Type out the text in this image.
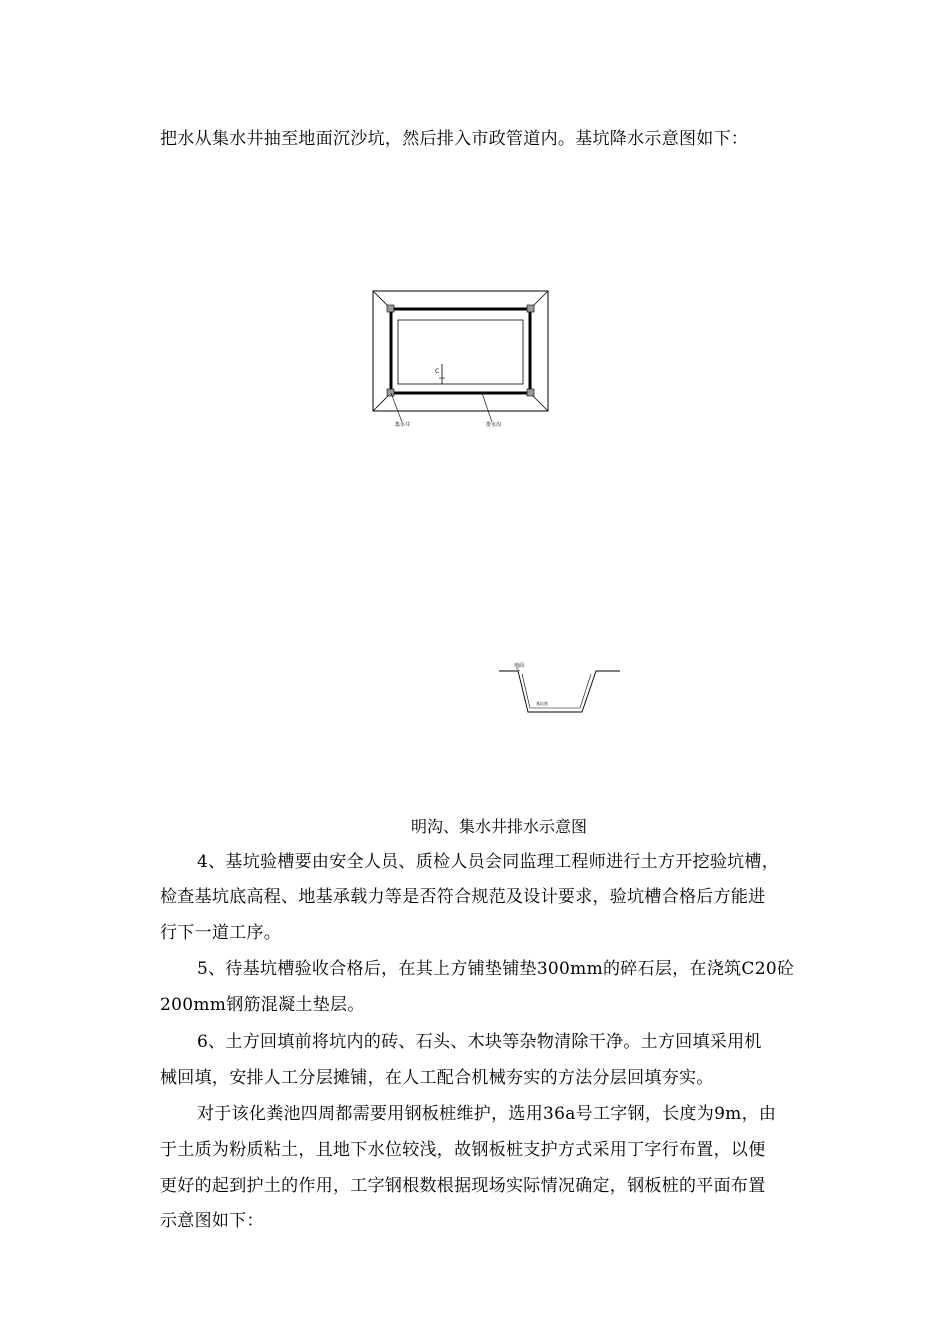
把水从集水井抽至地面沉沙坑，然后排入市政管道内。基坑降水示意图如下：
C
集水井	排水沟
地面
基坑底
明沟、集水井排水示意图
4、基坑验槽要由安全人员、质检人员会同监理工程师进行土方开挖验坑槽，
检查基坑底高程、地基承载力等是否符合规范及设计要求，验坑槽合格后方能进
行下一道工序。
5、待基坑槽验收合格后，在其上方铺垫铺垫300mm的碎石层，在浇筑C20砼
200mm钢筋混凝土垫层。
6、土方回填前将坑内的砖、石头、木块等杂物清除干净。土方回填采用机
械回填，安排人工分层摊铺，在人工配合机械夯实的方法分层回填夯实。
对于该化粪池四周都需要用钢板桩维护，选用36a号工字钢，长度为9m，由
于土质为粉质粘土，且地下水位较浅，故钢板桩支护方式采用丁字行布置，以便
更好的起到护土的作用，工字钢根数根据现场实际情况确定，钢板桩的平面布置
示意图如下：
